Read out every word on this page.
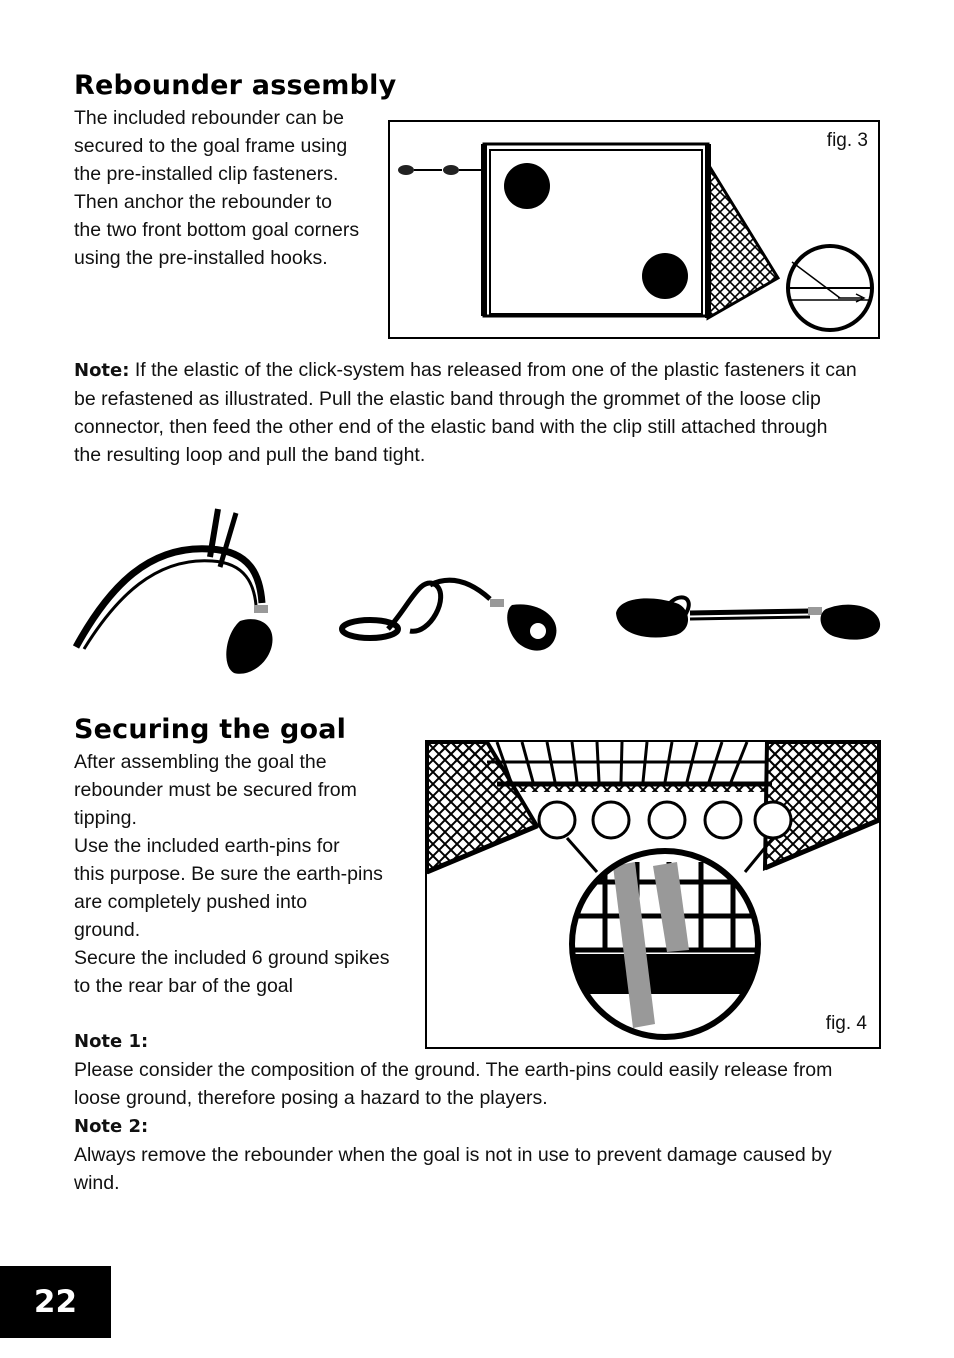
Rebounder assembly

The included rebounder can be

secured to the goal frame using

the pre-installed clip fasteners.

Then anchor the rebounder to

the two front bottom goal corners

using the pre-installed hooks.

fig. 3

Note: If the elastic of the click-system has released from one of the plastic fasteners it can

be refastened as illustrated. Pull the elastic band through the grommet of the loose clip

connector, then feed the other end of the elastic band with the clip still attached through

the resulting loop and pull the band tight.

Securing the goal

After assembling the goal the

rebounder must be secured from

tipping.

Use the included earth-pins for

this purpose. Be sure the earth-pins

are completely pushed into

ground.

Secure the included 6 ground spikes

to the rear bar of the goal

fig. 4

Note 1:

Please consider the composition of the ground. The earth-pins could easily release from

loose ground, therefore posing a hazard to the players.

Note 2:

Always remove the rebounder when the goal is not in use to prevent damage caused by

wind.

22
